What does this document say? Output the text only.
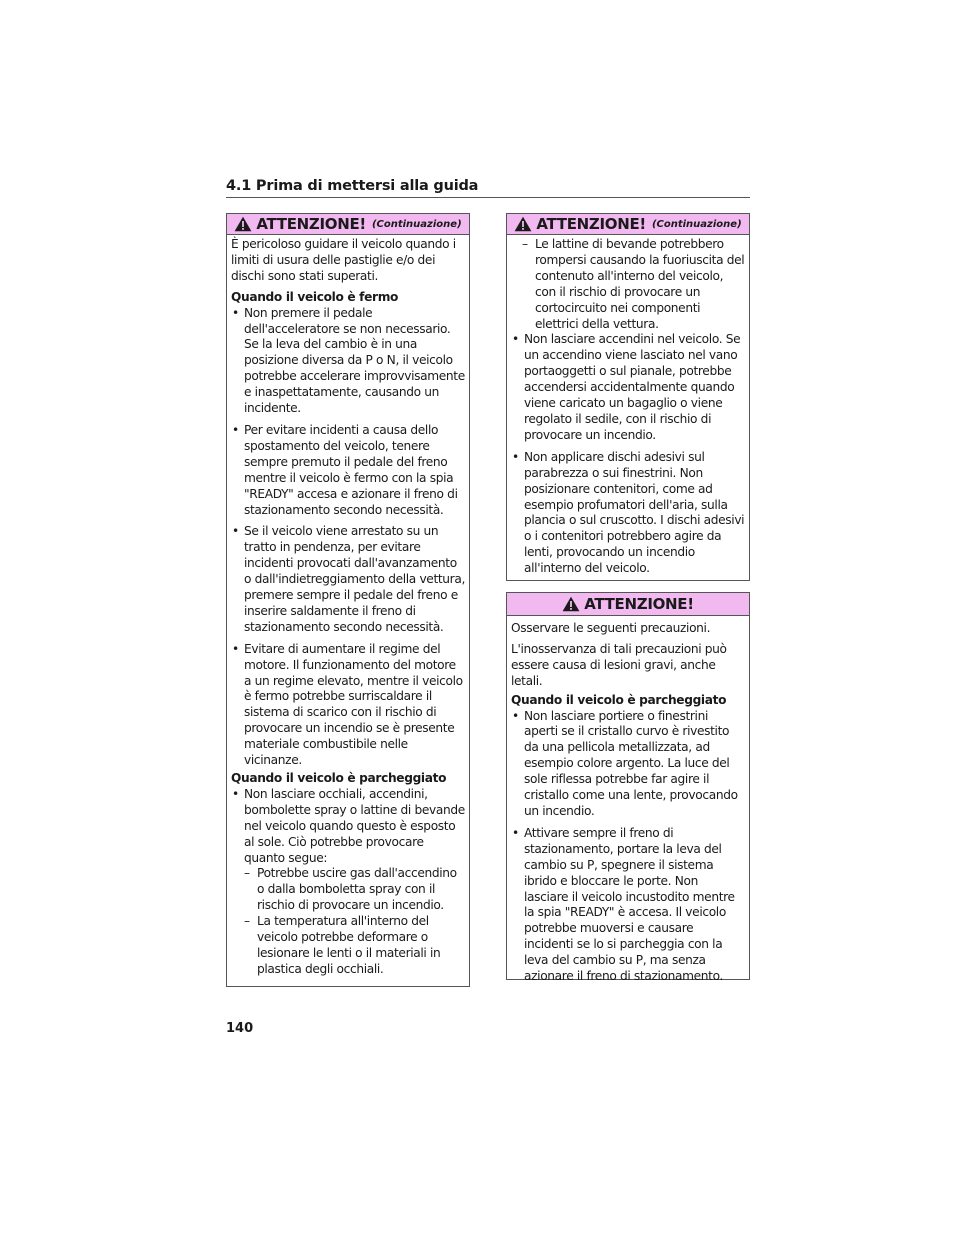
4.1 Prima di mettersi alla guida
ATTENZIONE! (Continuazione)

È pericoloso guidare il veicolo quando i limiti di usura delle pastiglie e/o dei dischi sono stati superati.

Quando il veicolo è fermo

• Non premere il pedale dell'acceleratore se non necessario. Se la leva del cambio è in una posizione diversa da P o N, il veicolo potrebbe accelerare improvvisamente e inaspettatamente, causando un incidente.

• Per evitare incidenti a causa dello spostamento del veicolo, tenere sempre premuto il pedale del freno mentre il veicolo è fermo con la spia "READY" accesa e azionare il freno di stazionamento secondo necessità.

• Se il veicolo viene arrestato su un tratto in pendenza, per evitare incidenti provocati dall'avanzamento o dall'indietreggiamento della vettura, premere sempre il pedale del freno e inserire saldamente il freno di stazionamento secondo necessità.

• Evitare di aumentare il regime del motore. Il funzionamento del motore a un regime elevato, mentre il veicolo è fermo potrebbe surriscaldare il sistema di scarico con il rischio di provocare un incendio se è presente materiale combustibile nelle vicinanze.

Quando il veicolo è parcheggiato

• Non lasciare occhiali, accendini, bombolette spray o lattine di bevande nel veicolo quando questo è esposto al sole. Ciò potrebbe provocare quanto segue:

– Potrebbe uscire gas dall'accendino o dalla bomboletta spray con il rischio di provocare un incendio.

– La temperatura all'interno del veicolo potrebbe deformare o lesionare le lenti o il materiali in plastica degli occhiali.

ATTENZIONE! (Continuazione)

– Le lattine di bevande potrebbero rompersi causando la fuoriuscita del contenuto all'interno del veicolo, con il rischio di provocare un cortocircuito nei componenti elettrici della vettura.

• Non lasciare accendini nel veicolo. Se un accendino viene lasciato nel vano portaoggetti o sul pianale, potrebbe accendersi accidentalmente quando viene caricato un bagaglio o viene regolato il sedile, con il rischio di provocare un incendio.

• Non applicare dischi adesivi sul parabrezza o sui finestrini. Non posizionare contenitori, come ad esempio profumatori dell'aria, sulla plancia o sul cruscotto. I dischi adesivi o i contenitori potrebbero agire da lenti, provocando un incendio all'interno del veicolo.

ATTENZIONE!

Osservare le seguenti precauzioni.

L'inosservanza di tali precauzioni può essere causa di lesioni gravi, anche letali.

Quando il veicolo è parcheggiato

• Non lasciare portiere o finestrini aperti se il cristallo curvo è rivestito da una pellicola metallizzata, ad esempio colore argento. La luce del sole riflessa potrebbe far agire il cristallo come una lente, provocando un incendio.

• Attivare sempre il freno di stazionamento, portare la leva del cambio su P, spegnere il sistema ibrido e bloccare le porte. Non lasciare il veicolo incustodito mentre la spia "READY" è accesa. Il veicolo potrebbe muoversi e causare incidenti se lo si parcheggia con la leva del cambio su P, ma senza azionare il freno di stazionamento.

140
